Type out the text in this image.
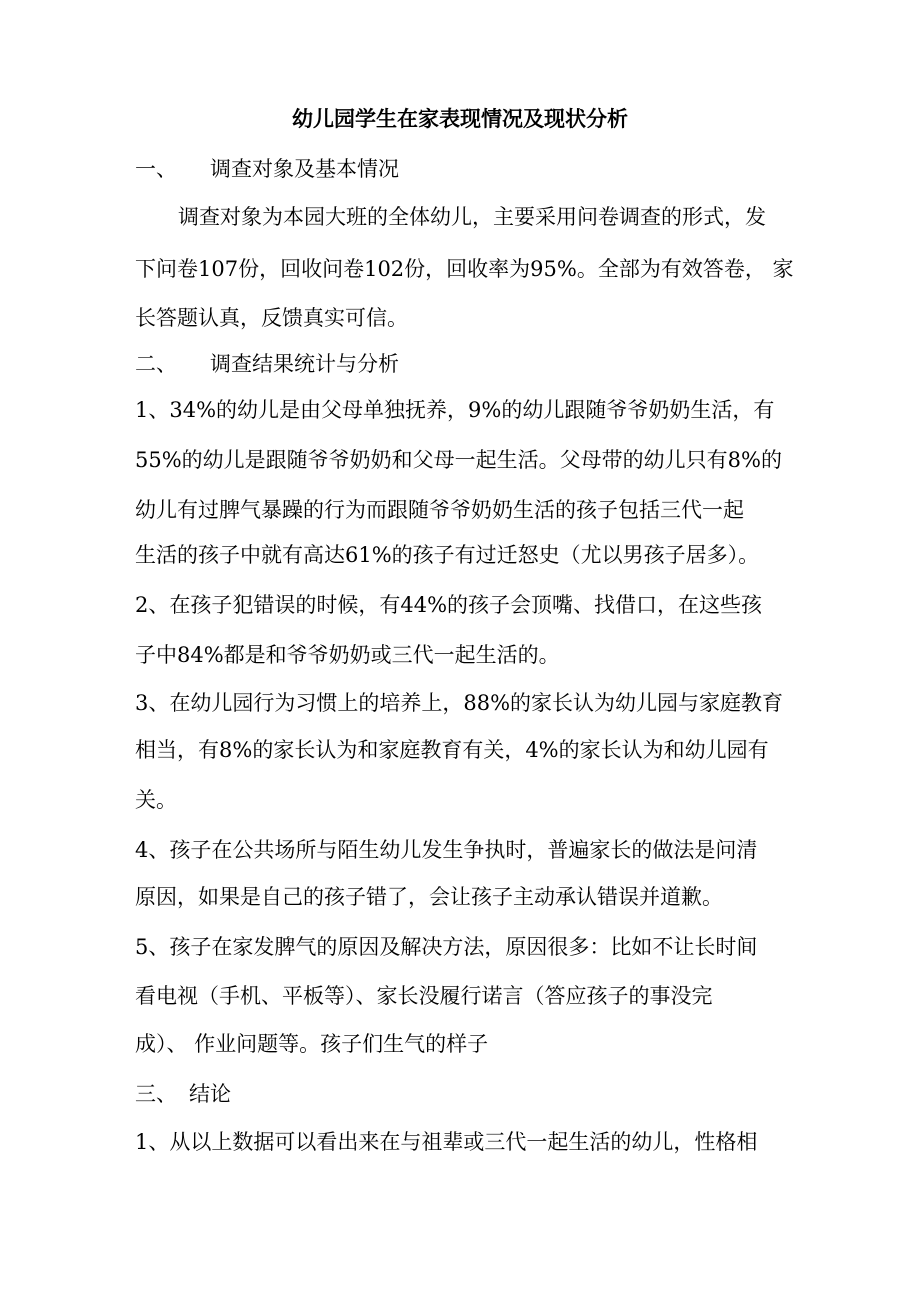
幼儿园学生在家表现情况及现状分析
一、 调查对象及基本情况
调查对象为本园大班的全体幼儿，主要采用问卷调查的形式，发
下问卷107份，回收问卷102份，回收率为95%。全部为有效答卷， 家
长答题认真，反馈真实可信。
二、 调查结果统计与分析
1、34%的幼儿是由父母单独抚养，9%的幼儿跟随爷爷奶奶生活，有
55%的幼儿是跟随爷爷奶奶和父母一起生活。父母带的幼儿只有8%的
幼儿有过脾气暴躁的行为而跟随爷爷奶奶生活的孩子包括三代一起
生活的孩子中就有高达61%的孩子有过迁怒史（尤以男孩子居多）。
2、在孩子犯错误的时候，有44%的孩子会顶嘴、找借口，在这些孩
子中84%都是和爷爷奶奶或三代一起生活的。
3、在幼儿园行为习惯上的培养上，88%的家长认为幼儿园与家庭教育
相当，有8%的家长认为和家庭教育有关，4%的家长认为和幼儿园有
关。
4、孩子在公共场所与陌生幼儿发生争执时，普遍家长的做法是问清
原因，如果是自己的孩子错了，会让孩子主动承认错误并道歉。
5、孩子在家发脾气的原因及解决方法，原因很多：比如不让长时间
看电视（手机、平板等）、家长没履行诺言（答应孩子的事没完
成）、 作业问题等。孩子们生气的样子
三、 结论
1、从以上数据可以看出来在与祖辈或三代一起生活的幼儿，性格相
